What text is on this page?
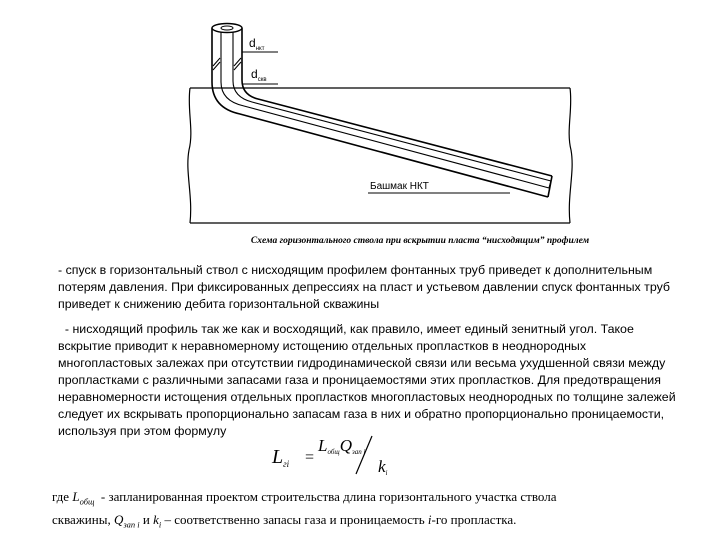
$d_{нкт}$
$d_{скв}$
Башмак НКТ
Схема горизонтального ствола при вскрытии пласта “нисходящим” профилем
- спуск в горизонтальный ствол с нисходящим профилем фонтанных труб приведет к дополнительным
потерям давления. При фиксированных депрессиях на пласт и устьевом давлении спуск фонтанных труб
приведет к снижению дебита горизонтальной скважины
- нисходящий профиль так же как и восходящий, как правило, имеет единый зенитный угол. Такое
вскрытие приводит к неравномерному истощению отдельных пропластков в неоднородных
многопластовых залежах при отсутствии гидродинамической связи или весьма ухудшенной связи между
пропластками с различными запасами газа и проницаемостями этих пропластков. Для предотвращения
неравномерности истощения отдельных пропластков многопластовых неоднородных по толщине залежей
следует их вскрывать пропорционально запасам газа в них и обратно пропорционально проницаемости,
используя при этом формулу
$L_{гi}$ =
LобщQзап i
ki
где $L_{общ}$  - запланированная проектом строительства длина горизонтального участка ствола
скважины, $Q_{зап i}$ и $k_i$ – соответственно запасы газа и проницаемость i-го пропластка.
